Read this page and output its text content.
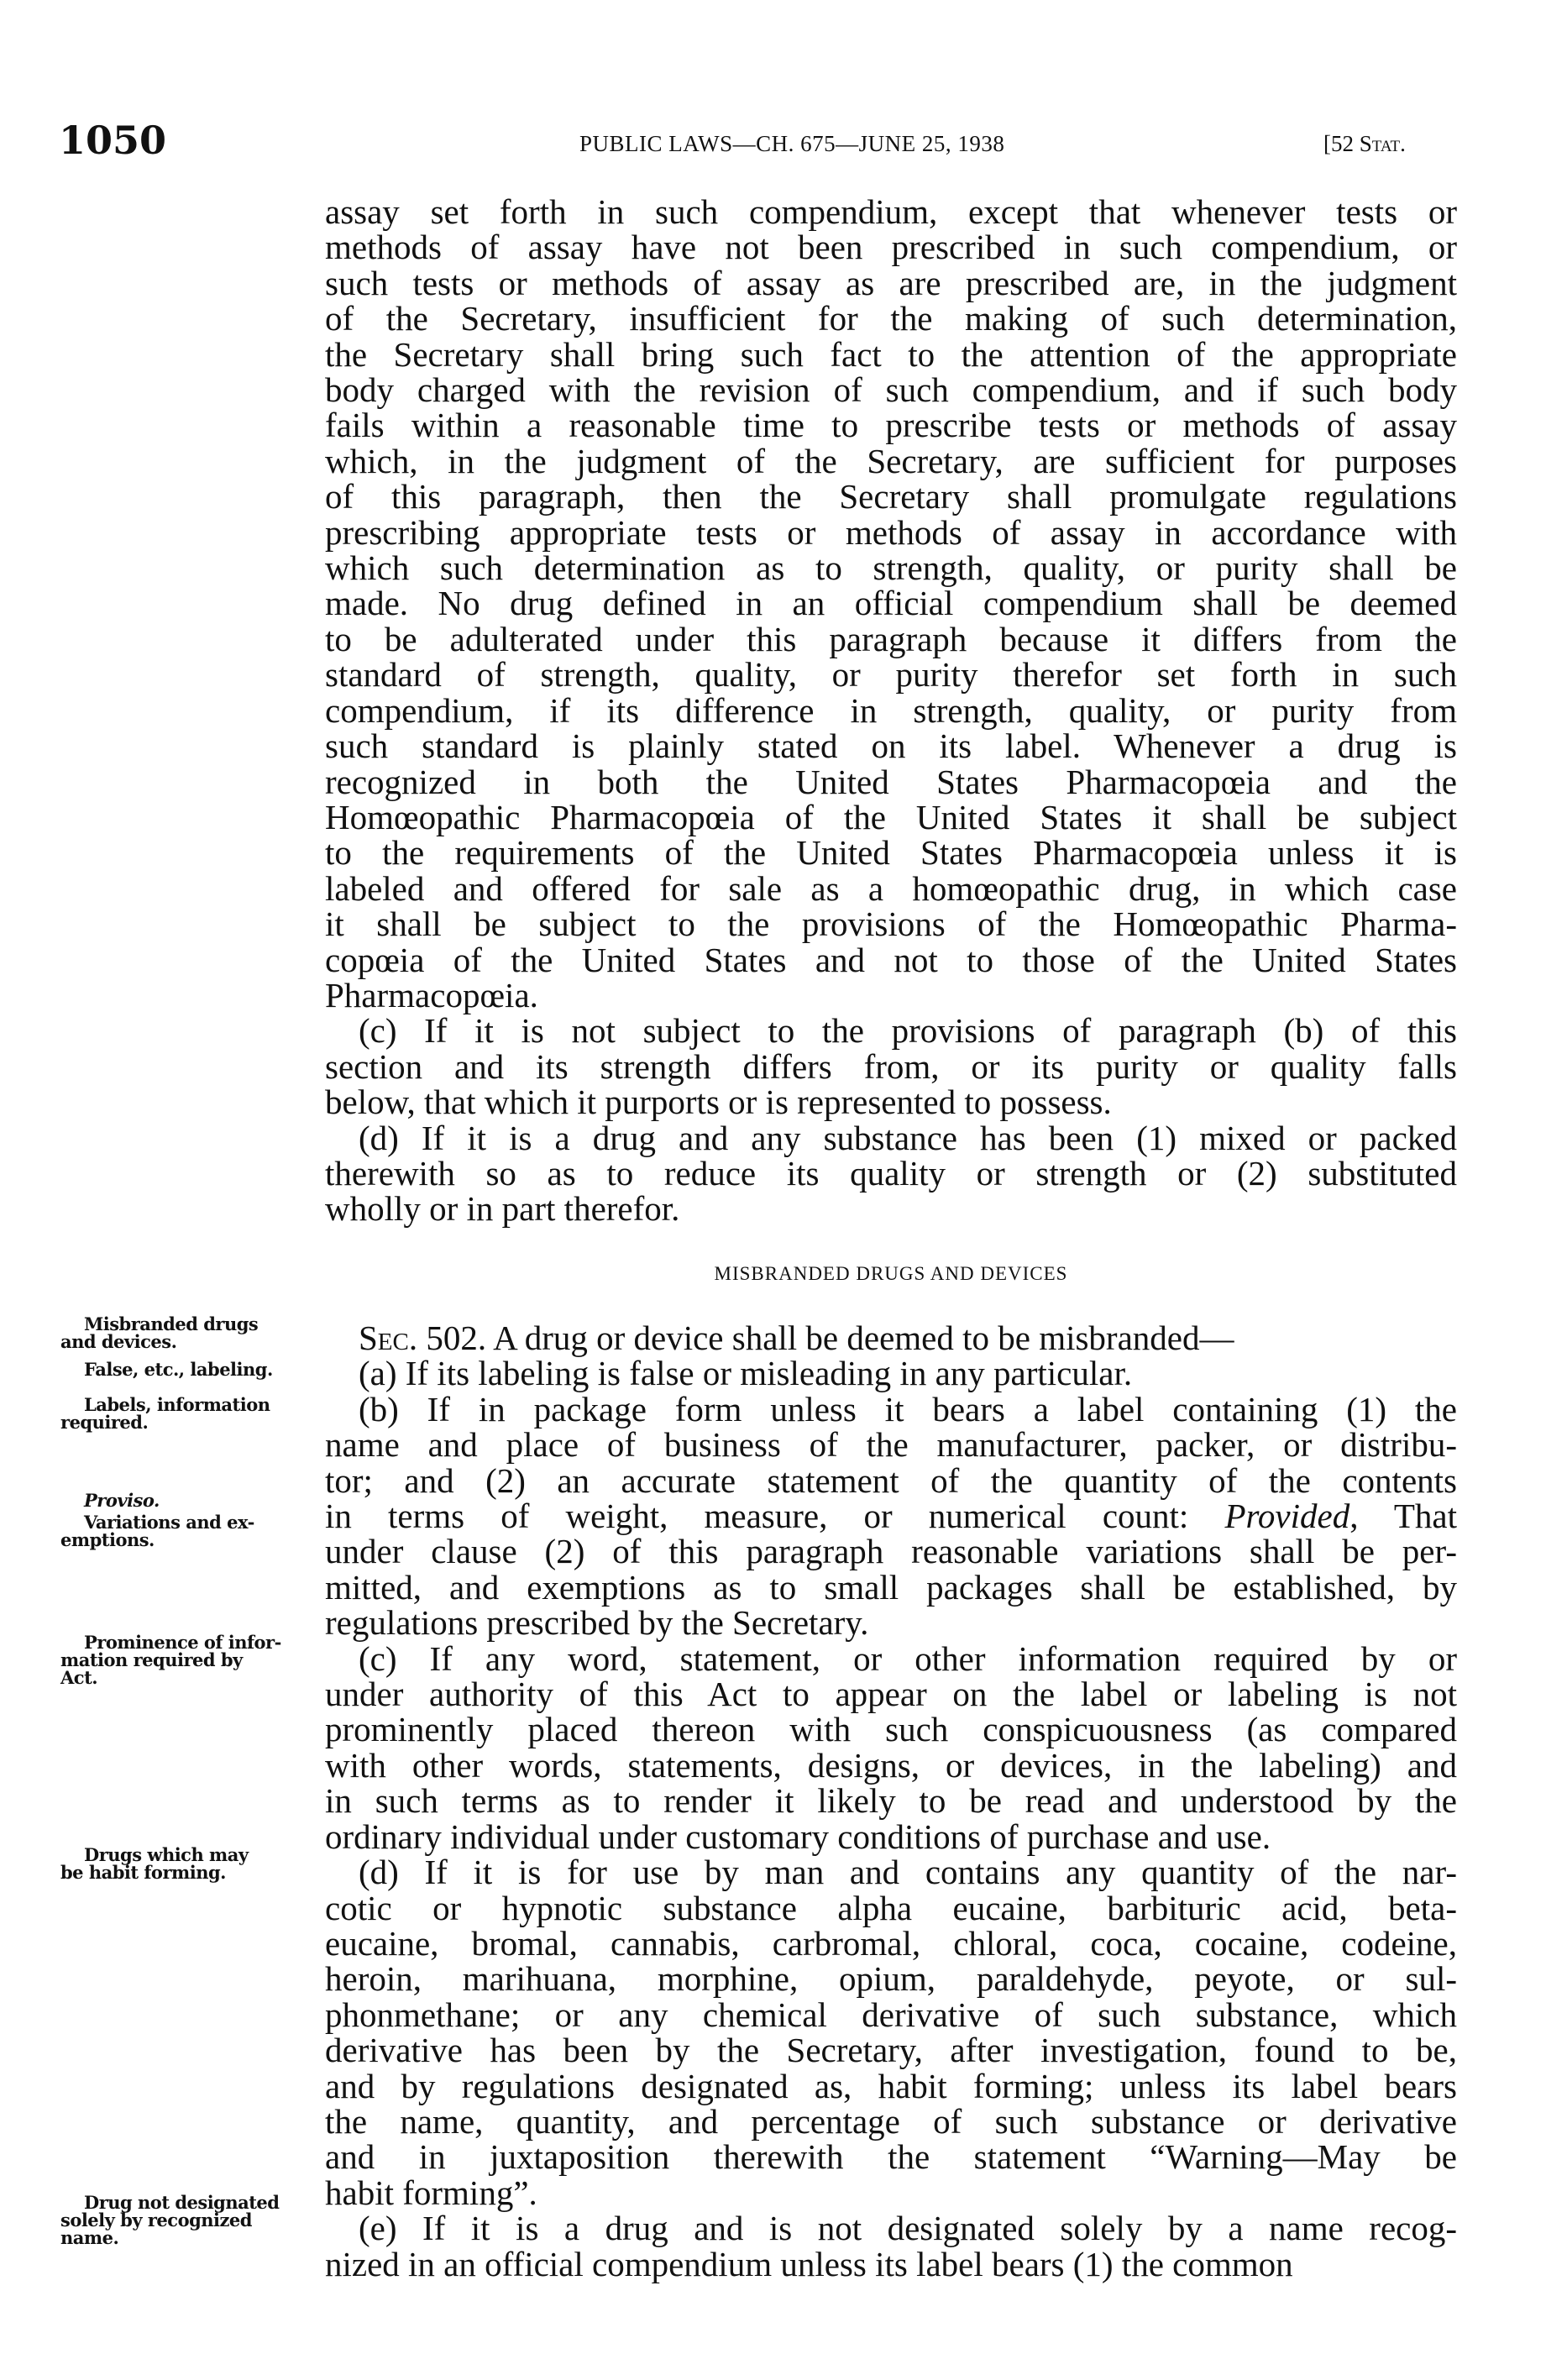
1050	PUBLIC LAWS—CH. 675—JUNE 25, 1938	[52 Stat.
assay set forth in such compendium, except that whenever tests or
methods of assay have not been prescribed in such compendium, or
such tests or methods of assay as are prescribed are, in the judgment
of the Secretary, insufficient for the making of such determination,
the Secretary shall bring such fact to the attention of the appropriate
body charged with the revision of such compendium, and if such body
fails within a reasonable time to prescribe tests or methods of assay
which, in the judgment of the Secretary, are sufficient for purposes
of this paragraph, then the Secretary shall promulgate regulations
prescribing appropriate tests or methods of assay in accordance with
which such determination as to strength, quality, or purity shall be
made. No drug defined in an official compendium shall be deemed
to be adulterated under this paragraph because it differs from the
standard of strength, quality, or purity therefor set forth in such
compendium, if its difference in strength, quality, or purity from
such standard is plainly stated on its label. Whenever a drug is
recognized in both the United States Pharmacopœia and the
Homœopathic Pharmacopœia of the United States it shall be subject
to the requirements of the United States Pharmacopœia unless it is
labeled and offered for sale as a homœopathic drug, in which case
it shall be subject to the provisions of the Homœopathic Pharma-
copœia of the United States and not to those of the United States
Pharmacopœia.
(c) If it is not subject to the provisions of paragraph (b) of this
section and its strength differs from, or its purity or quality falls
below, that which it purports or is represented to possess.
(d) If it is a drug and any substance has been (1) mixed or packed
therewith so as to reduce its quality or strength or (2) substituted
wholly or in part therefor.
MISBRANDED DRUGS AND DEVICES
Sec. 502. A drug or device shall be deemed to be misbranded—
(a) If its labeling is false or misleading in any particular.
(b) If in package form unless it bears a label containing (1) the
name and place of business of the manufacturer, packer, or distribu-
tor; and (2) an accurate statement of the quantity of the contents
in terms of weight, measure, or numerical count: Provided, That
under clause (2) of this paragraph reasonable variations shall be per-
mitted, and exemptions as to small packages shall be established, by
regulations prescribed by the Secretary.
(c) If any word, statement, or other information required by or
under authority of this Act to appear on the label or labeling is not
prominently placed thereon with such conspicuousness (as compared
with other words, statements, designs, or devices, in the labeling) and
in such terms as to render it likely to be read and understood by the
ordinary individual under customary conditions of purchase and use.
(d) If it is for use by man and contains any quantity of the nar-
cotic or hypnotic substance alpha eucaine, barbituric acid, beta-
eucaine, bromal, cannabis, carbromal, chloral, coca, cocaine, codeine,
heroin, marihuana, morphine, opium, paraldehyde, peyote, or sul-
phonmethane; or any chemical derivative of such substance, which
derivative has been by the Secretary, after investigation, found to be,
and by regulations designated as, habit forming; unless its label bears
the name, quantity, and percentage of such substance or derivative
and in juxtaposition therewith the statement “Warning—May be
habit forming”.
(e) If it is a drug and is not designated solely by a name recog-
nized in an official compendium unless its label bears (1) the common
Misbranded drugs
and devices.
False, etc., labeling.
Labels, information
required.
Proviso.
Variations and ex-
emptions.
Prominence of infor-
mation required by
Act.
Drugs which may
be habit forming.
Drug not designated
solely by recognized
name.
